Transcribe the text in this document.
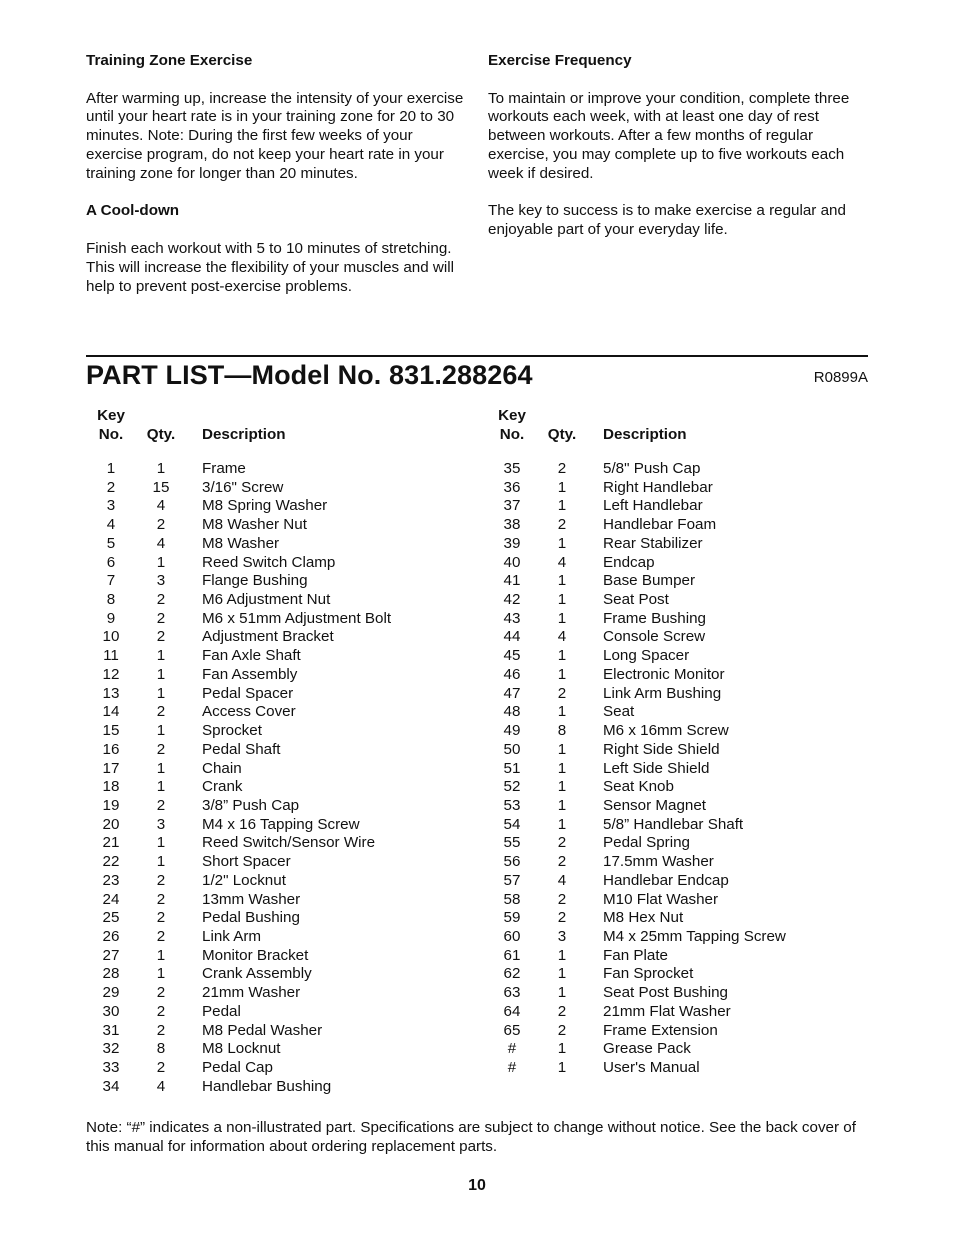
Training Zone Exercise

After warming up, increase the intensity of your exercise until your heart rate is in your training zone for 20 to 30 minutes. Note: During the first few weeks of your exercise program, do not keep your heart rate in your training zone for longer than 20 minutes.

A Cool-down

Finish each workout with 5 to 10 minutes of stretching. This will increase the flexibility of your muscles and will help to prevent post-exercise problems.

Exercise Frequency

To maintain or improve your condition, complete three workouts each week, with at least one day of rest between workouts. After a few months of regular exercise, you may complete up to five workouts each week if desired.

The key to success is to make exercise a regular and enjoyable part of your everyday life.

PART LIST—Model No. 831.288264	R0899A
Key
No.	Qty.	Description
1	1	Frame
2	15	3/16" Screw
3	4	M8 Spring Washer
4	2	M8 Washer Nut
5	4	M8 Washer
6	1	Reed Switch Clamp
7	3	Flange Bushing
8	2	M6 Adjustment Nut
9	2	M6 x 51mm Adjustment Bolt
10	2	Adjustment Bracket
11	1	Fan Axle Shaft
12	1	Fan Assembly
13	1	Pedal Spacer
14	2	Access Cover
15	1	Sprocket
16	2	Pedal Shaft
17	1	Chain
18	1	Crank
19	2	3/8” Push Cap
20	3	M4 x 16 Tapping Screw
21	1	Reed Switch/Sensor Wire
22	1	Short Spacer
23	2	1/2" Locknut
24	2	13mm Washer
25	2	Pedal Bushing
26	2	Link Arm
27	1	Monitor Bracket
28	1	Crank Assembly
29	2	21mm Washer
30	2	Pedal
31	2	M8 Pedal Washer
32	8	M8 Locknut
33	2	Pedal Cap
34	4	Handlebar Bushing
Key
No.	Qty.	Description
35	2	5/8" Push Cap
36	1	Right Handlebar
37	1	Left Handlebar
38	2	Handlebar Foam
39	1	Rear Stabilizer
40	4	Endcap
41	1	Base Bumper
42	1	Seat Post
43	1	Frame Bushing
44	4	Console Screw
45	1	Long Spacer
46	1	Electronic Monitor
47	2	Link Arm Bushing
48	1	Seat
49	8	M6 x 16mm Screw
50	1	Right Side Shield
51	1	Left Side Shield
52	1	Seat Knob
53	1	Sensor Magnet
54	1	5/8” Handlebar Shaft
55	2	Pedal Spring
56	2	17.5mm Washer
57	4	Handlebar Endcap
58	2	M10 Flat Washer
59	2	M8 Hex Nut
60	3	M4 x 25mm Tapping Screw
61	1	Fan Plate
62	1	Fan Sprocket
63	1	Seat Post Bushing
64	2	21mm Flat Washer
65	2	Frame Extension
#	1	Grease Pack
#	1	User's Manual
Note: “#” indicates a non-illustrated part. Specifications are subject to change without notice. See the back cover of this manual for information about ordering replacement parts.
10
